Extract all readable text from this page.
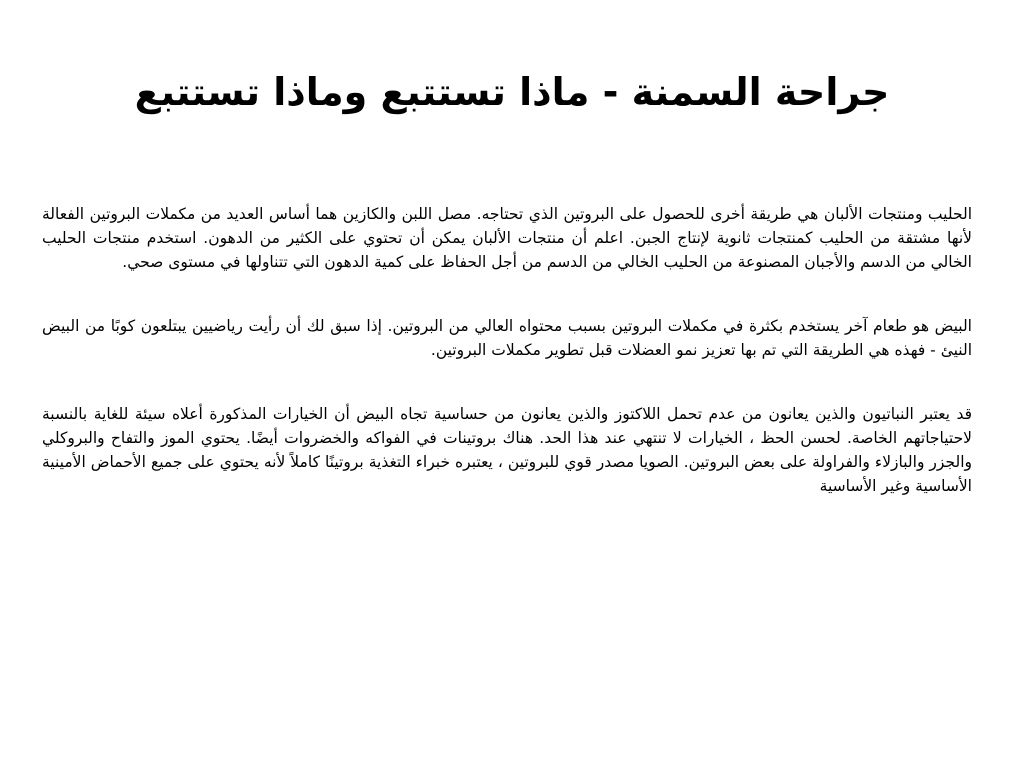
جراحة السمنة - ماذا تستتبع وماذا تستتبع

الحليب ومنتجات الألبان هي طريقة أخرى للحصول على البروتين الذي تحتاجه. مصل اللبن والكازين هما أساس العديد من مكملات البروتين الفعالة لأنها مشتقة من الحليب كمنتجات ثانوية لإنتاج الجبن. اعلم أن منتجات الألبان يمكن أن تحتوي على الكثير من الدهون. استخدم منتجات الحليب الخالي من الدسم والأجبان المصنوعة من الحليب الخالي من الدسم من أجل الحفاظ على كمية الدهون التي تتناولها في مستوى صحي.

البيض هو طعام آخر يستخدم بكثرة في مكملات البروتين بسبب محتواه العالي من البروتين. إذا سبق لك أن رأيت رياضيين يبتلعون كوبًا من البيض النيئ - فهذه هي الطريقة التي تم بها تعزيز نمو العضلات قبل تطوير مكملات البروتين.

قد يعتبر النباتيون والذين يعانون من عدم تحمل اللاكتوز والذين يعانون من حساسية تجاه البيض أن الخيارات المذكورة أعلاه سيئة للغاية بالنسبة لاحتياجاتهم الخاصة. لحسن الحظ ، الخيارات لا تنتهي عند هذا الحد. هناك بروتينات في الفواكه والخضروات أيضًا. يحتوي الموز والتفاح والبروكلي والجزر والبازلاء والفراولة على بعض البروتين. الصويا مصدر قوي للبروتين ، يعتبره خبراء التغذية بروتينًا كاملاً لأنه يحتوي على جميع الأحماض الأمينية الأساسية وغير الأساسية
